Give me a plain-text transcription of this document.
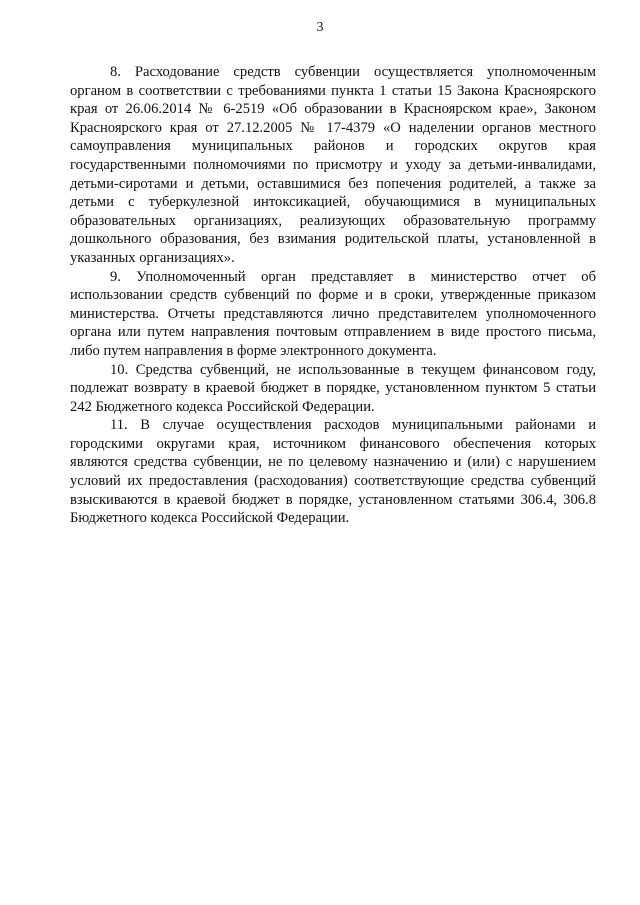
3

8. Расходование средств субвенции осуществляется уполномоченным органом в соответствии с требованиями пункта 1 статьи 15 Закона Красноярского края от 26.06.2014 № 6-2519 «Об образовании в Красноярском крае», Законом Красноярского края от 27.12.2005 № 17-4379 «О наделении органов местного самоуправления муниципальных районов и городских округов края государственными полномочиями по присмотру и уходу за детьми-инвалидами, детьми-сиротами и детьми, оставшимися без попечения родителей, а также за детьми с туберкулезной интоксикацией, обучающимися в муниципальных образовательных организациях, реализующих образовательную программу дошкольного образования, без взимания родительской платы, установленной в указанных организациях».

9. Уполномоченный орган представляет в министерство отчет об использовании средств субвенций по форме и в сроки, утвержденные приказом министерства. Отчеты представляются лично представителем уполномоченного органа или путем направления почтовым отправлением в виде простого письма, либо путем направления в форме электронного документа.

10. Средства субвенций, не использованные в текущем финансовом году, подлежат возврату в краевой бюджет в порядке, установленном пунктом 5 статьи 242 Бюджетного кодекса Российской Федерации.

11. В случае осуществления расходов муниципальными районами и городскими округами края, источником финансового обеспечения которых являются средства субвенции, не по целевому назначению и (или) с нарушением условий их предоставления (расходования) соответствующие средства субвенций взыскиваются в краевой бюджет в порядке, установленном статьями 306.4, 306.8 Бюджетного кодекса Российской Федерации.
